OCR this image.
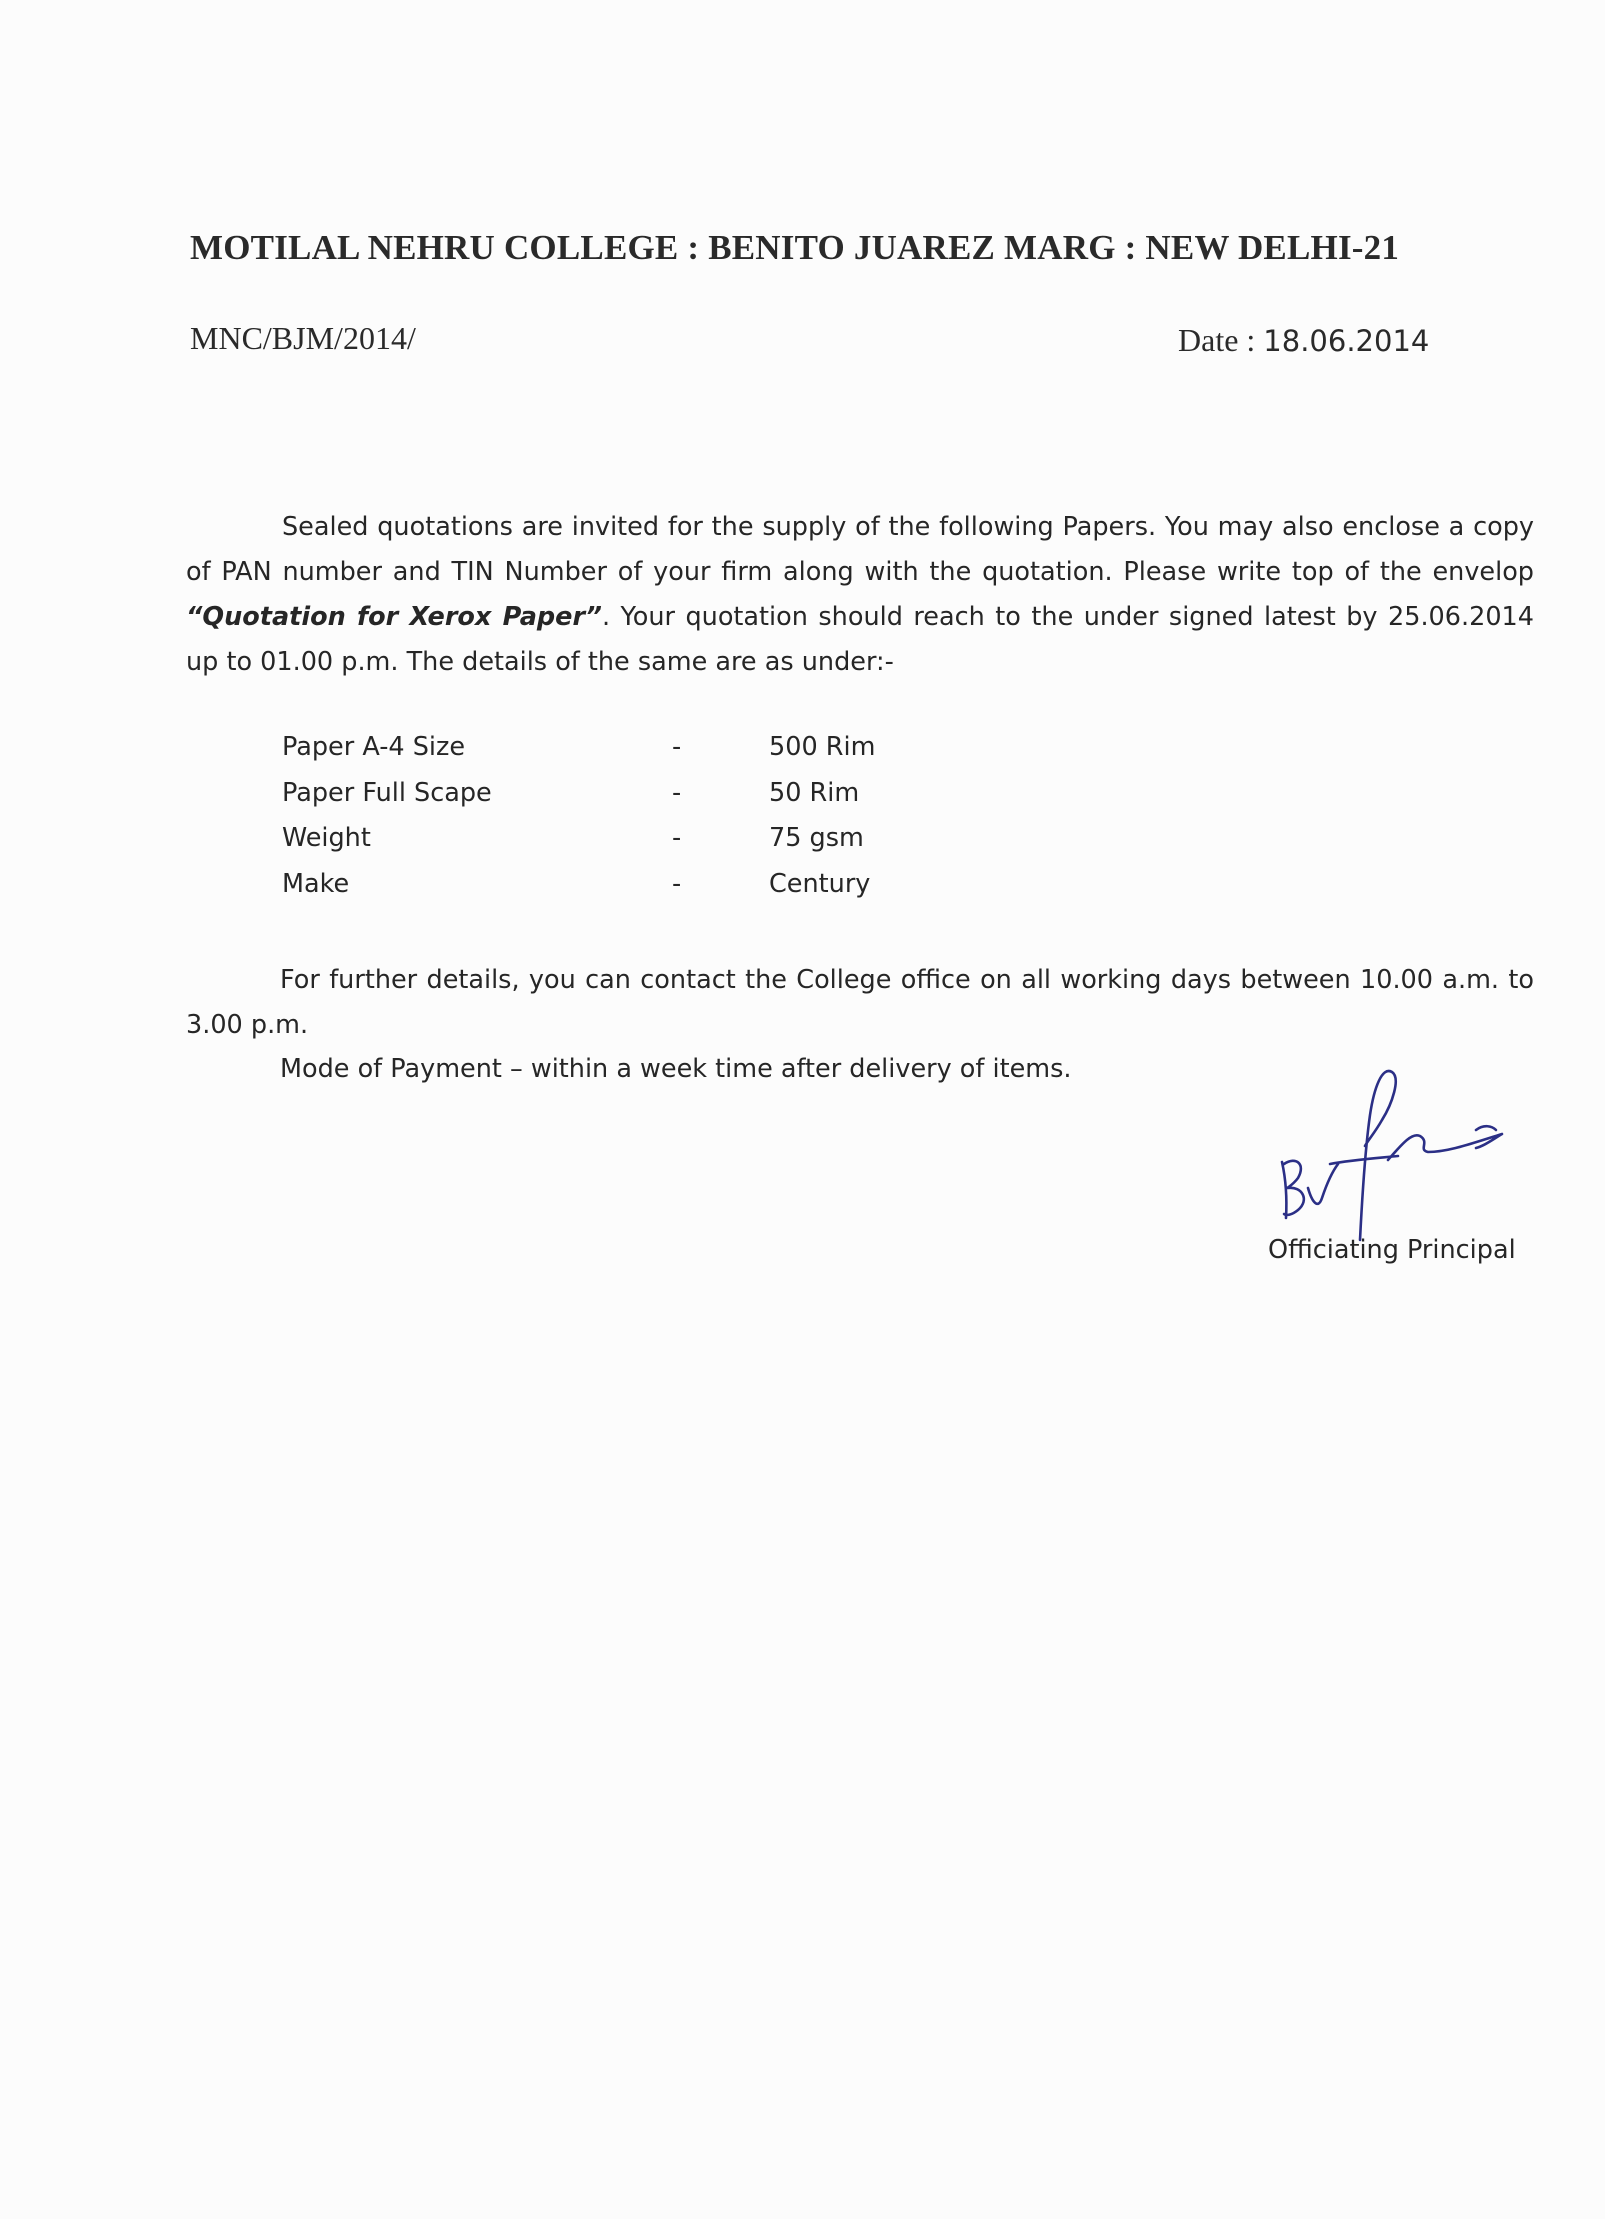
MOTILAL NEHRU COLLEGE : BENITO JUAREZ MARG : NEW DELHI-21
MNC/BJM/2014/	Date : 18.06.2014
Sealed quotations are invited for the supply of the following Papers. You may also enclose a copy of PAN number and TIN Number of your firm along with the quotation. Please write top of the envelop “Quotation for Xerox Paper”. Your quotation should reach to the under signed latest by 25.06.2014 up to 01.00 p.m. The details of the same are as under:-
Paper A-4 Size	-	500 Rim
Paper Full Scape	-	50 Rim
Weight	-	75 gsm
Make	-	Century
For further details, you can contact the College office on all working days between 10.00 a.m. to 3.00 p.m.
Mode of Payment – within a week time after delivery of items.
Officiating Principal
